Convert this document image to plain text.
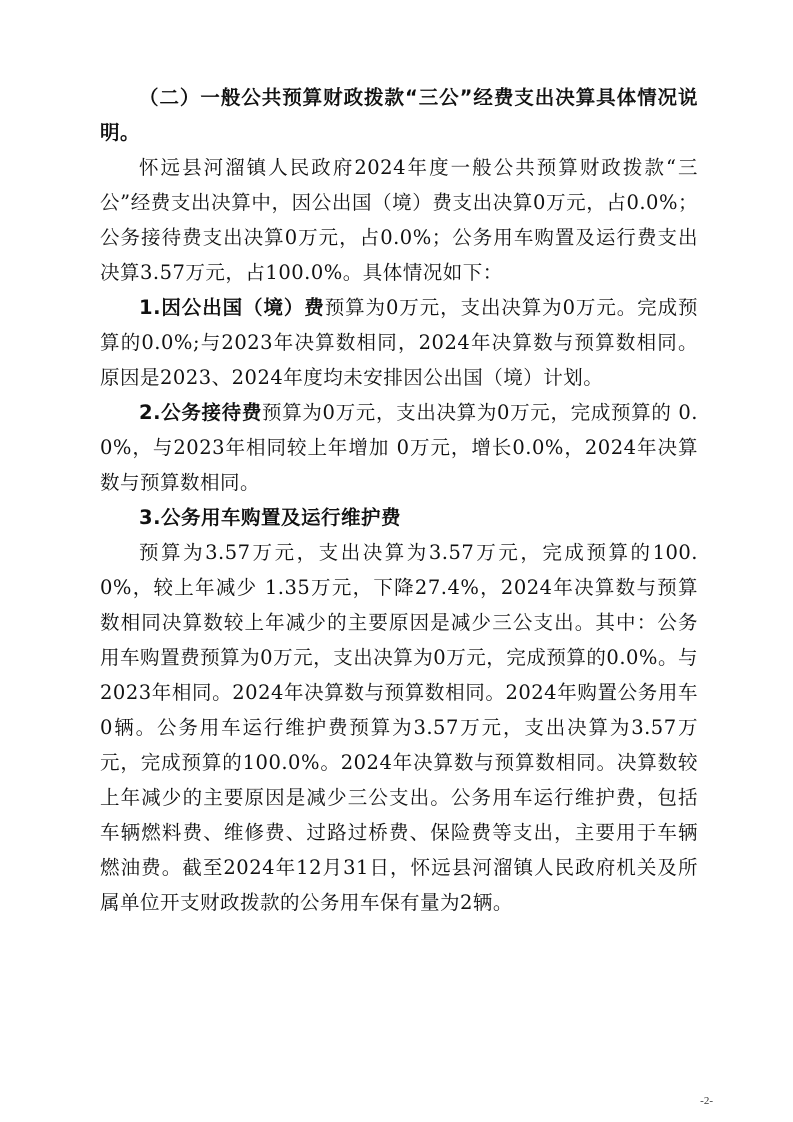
（二）一般公共预算财政拨款“三公”经费支出决算具体情况说明。

怀远县河溜镇人民政府2024年度一般公共预算财政拨款“三公”经费支出决算中，因公出国（境）费支出决算0万元，占0.0%；公务接待费支出决算0万元，占0.0%；公务用车购置及运行费支出决算3.57万元，占100.0%。具体情况如下：

1.因公出国（境）费预算为0万元，支出决算为0万元。完成预算的0.0%;与2023年决算数相同，2024年决算数与预算数相同。原因是2023、2024年度均未安排因公出国（境）计划。

2.公务接待费预算为0万元，支出决算为0万元，完成预算的 0.0%，与2023年相同较上年增加 0万元，增长0.0%，2024年决算数与预算数相同。

3.公务用车购置及运行维护费

预算为3.57万元，支出决算为3.57万元，完成预算的100.0%，较上年减少 1.35万元，下降27.4%，2024年决算数与预算数相同决算数较上年减少的主要原因是减少三公支出。其中：公务用车购置费预算为0万元，支出决算为0万元，完成预算的0.0%。与2023年相同。2024年决算数与预算数相同。2024年购置公务用车0辆。公务用车运行维护费预算为3.57万元，支出决算为3.57万元，完成预算的100.0%。2024年决算数与预算数相同。决算数较上年减少的主要原因是减少三公支出。公务用车运行维护费，包括车辆燃料费、维修费、过路过桥费、保险费等支出，主要用于车辆燃油费。截至2024年12月31日，怀远县河溜镇人民政府机关及所属单位开支财政拨款的公务用车保有量为2辆。

-2-
